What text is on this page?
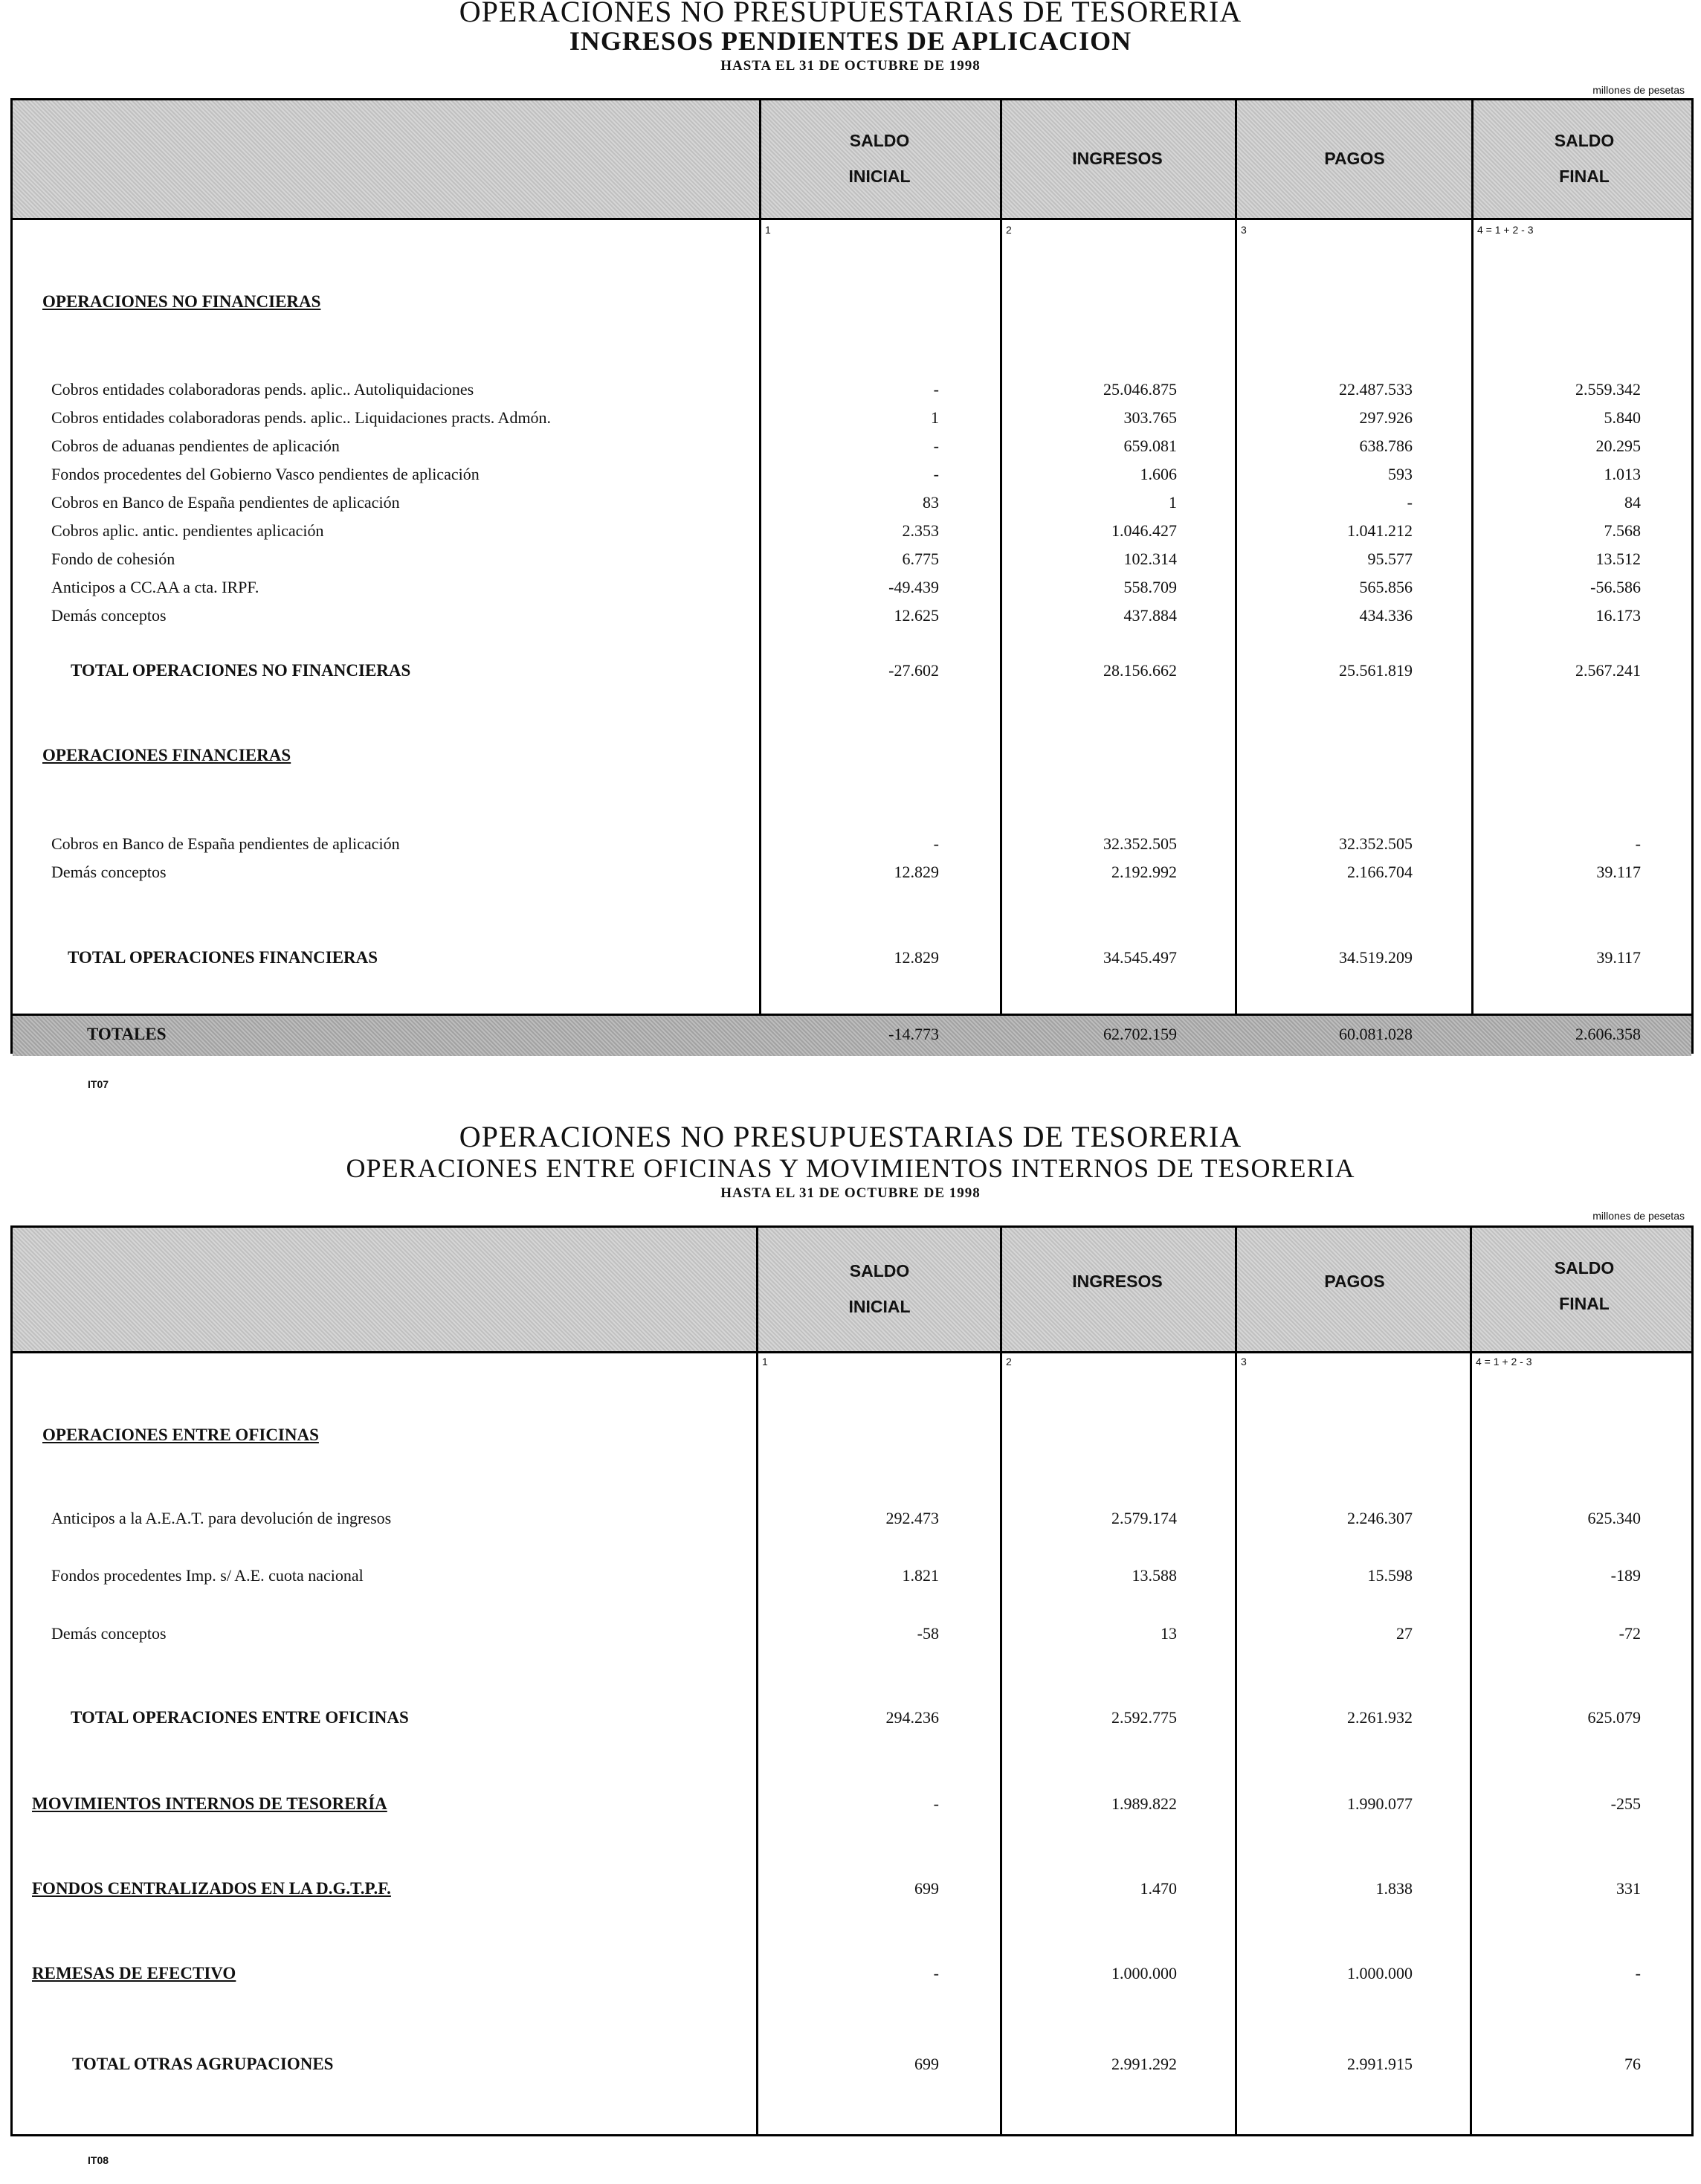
OPERACIONES NO PRESUPUESTARIAS DE TESORERIA
INGRESOS PENDIENTES DE APLICACION
HASTA EL 31 DE OCTUBRE DE 1998
millones de pesetas
SALDO
INICIAL
INGRESOS	PAGOS
SALDO
FINAL
1	2	3	4 = 1 + 2 - 3
OPERACIONES NO FINANCIERAS
Cobros entidades colaboradoras pends. aplic.. Autoliquidaciones	-	25.046.875	22.487.533	2.559.342
Cobros entidades colaboradoras pends. aplic.. Liquidaciones practs. Admón.	1	303.765	297.926	5.840
Cobros de aduanas pendientes de aplicación	-	659.081	638.786	20.295
Fondos procedentes del Gobierno Vasco pendientes de aplicación	-	1.606	593	1.013
Cobros en Banco de España pendientes de aplicación	83	1	-	84
Cobros aplic. antic. pendientes aplicación	2.353	1.046.427	1.041.212	7.568
Fondo de cohesión	6.775	102.314	95.577	13.512
Anticipos a CC.AA a cta. IRPF.	-49.439	558.709	565.856	-56.586
Demás conceptos	12.625	437.884	434.336	16.173
TOTAL OPERACIONES NO FINANCIERAS	-27.602	28.156.662	25.561.819	2.567.241
OPERACIONES FINANCIERAS
Cobros en Banco de España pendientes de aplicación	-	32.352.505	32.352.505	-
Demás conceptos	12.829	2.192.992	2.166.704	39.117
TOTAL OPERACIONES FINANCIERAS	12.829	34.545.497	34.519.209	39.117
TOTALES	-14.773	62.702.159	60.081.028	2.606.358
IT07
OPERACIONES NO PRESUPUESTARIAS DE TESORERIA
OPERACIONES ENTRE OFICINAS Y MOVIMIENTOS INTERNOS DE TESORERIA
HASTA EL 31 DE OCTUBRE DE 1998
millones de pesetas
SALDO
INICIAL
INGRESOS	PAGOS
SALDO
FINAL
1	2	3	4 = 1 + 2 - 3
OPERACIONES ENTRE OFICINAS
Anticipos a la A.E.A.T. para devolución de ingresos	292.473	2.579.174	2.246.307	625.340
Fondos procedentes Imp. s/ A.E. cuota nacional	1.821	13.588	15.598	-189
Demás conceptos	-58	13	27	-72
TOTAL OPERACIONES ENTRE OFICINAS	294.236	2.592.775	2.261.932	625.079
MOVIMIENTOS INTERNOS DE TESORERÍA	-	1.989.822	1.990.077	-255
FONDOS CENTRALIZADOS EN LA D.G.T.P.F.	699	1.470	1.838	331
REMESAS DE EFECTIVO	-	1.000.000	1.000.000	-
TOTAL OTRAS AGRUPACIONES	699	2.991.292	2.991.915	76
IT08
